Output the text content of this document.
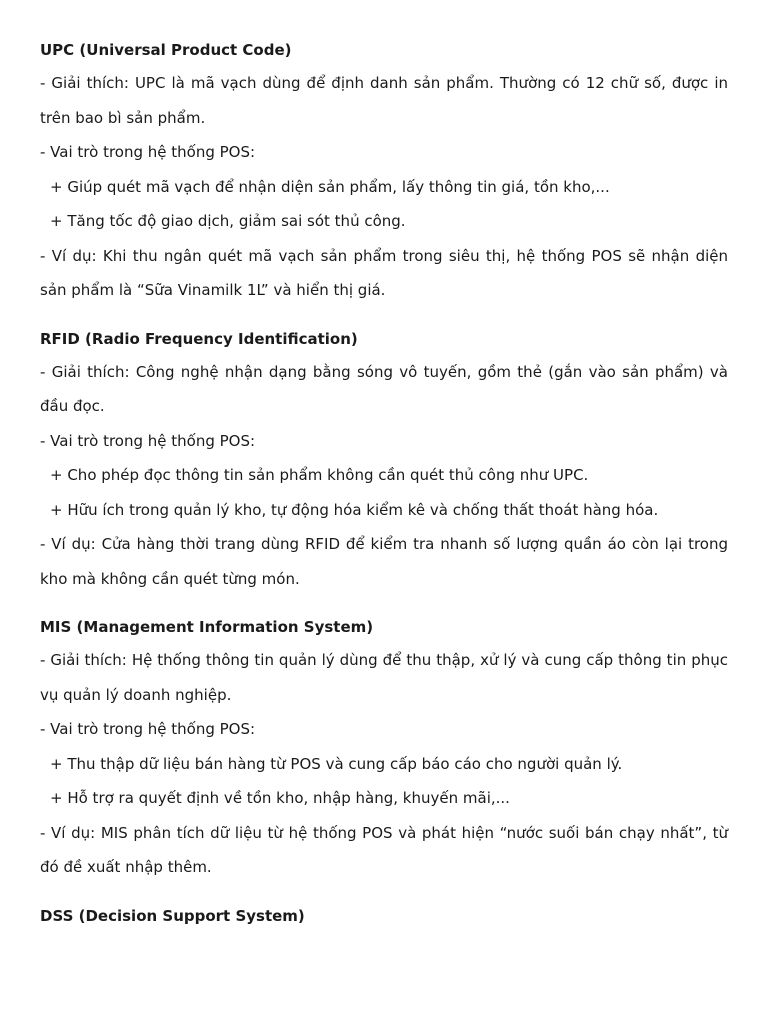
UPC (Universal Product Code)

- Giải thích: UPC là mã vạch dùng để định danh sản phẩm. Thường có 12 chữ số, được in trên bao bì sản phẩm.

- Vai trò trong hệ thống POS:

+ Giúp quét mã vạch để nhận diện sản phẩm, lấy thông tin giá, tồn kho,...

+ Tăng tốc độ giao dịch, giảm sai sót thủ công.

- Ví dụ: Khi thu ngân quét mã vạch sản phẩm trong siêu thị, hệ thống POS sẽ nhận diện sản phẩm là “Sữa Vinamilk 1L” và hiển thị giá.

RFID (Radio Frequency Identification)

- Giải thích: Công nghệ nhận dạng bằng sóng vô tuyến, gồm thẻ (gắn vào sản phẩm) và đầu đọc.

- Vai trò trong hệ thống POS:

+ Cho phép đọc thông tin sản phẩm không cần quét thủ công như UPC.

+ Hữu ích trong quản lý kho, tự động hóa kiểm kê và chống thất thoát hàng hóa.

- Ví dụ: Cửa hàng thời trang dùng RFID để kiểm tra nhanh số lượng quần áo còn lại trong kho mà không cần quét từng món.

MIS (Management Information System)

- Giải thích: Hệ thống thông tin quản lý dùng để thu thập, xử lý và cung cấp thông tin phục vụ quản lý doanh nghiệp.

- Vai trò trong hệ thống POS:

+ Thu thập dữ liệu bán hàng từ POS và cung cấp báo cáo cho người quản lý.

+ Hỗ trợ ra quyết định về tồn kho, nhập hàng, khuyến mãi,...

- Ví dụ: MIS phân tích dữ liệu từ hệ thống POS và phát hiện “nước suối bán chạy nhất”, từ đó đề xuất nhập thêm.

DSS (Decision Support System)
